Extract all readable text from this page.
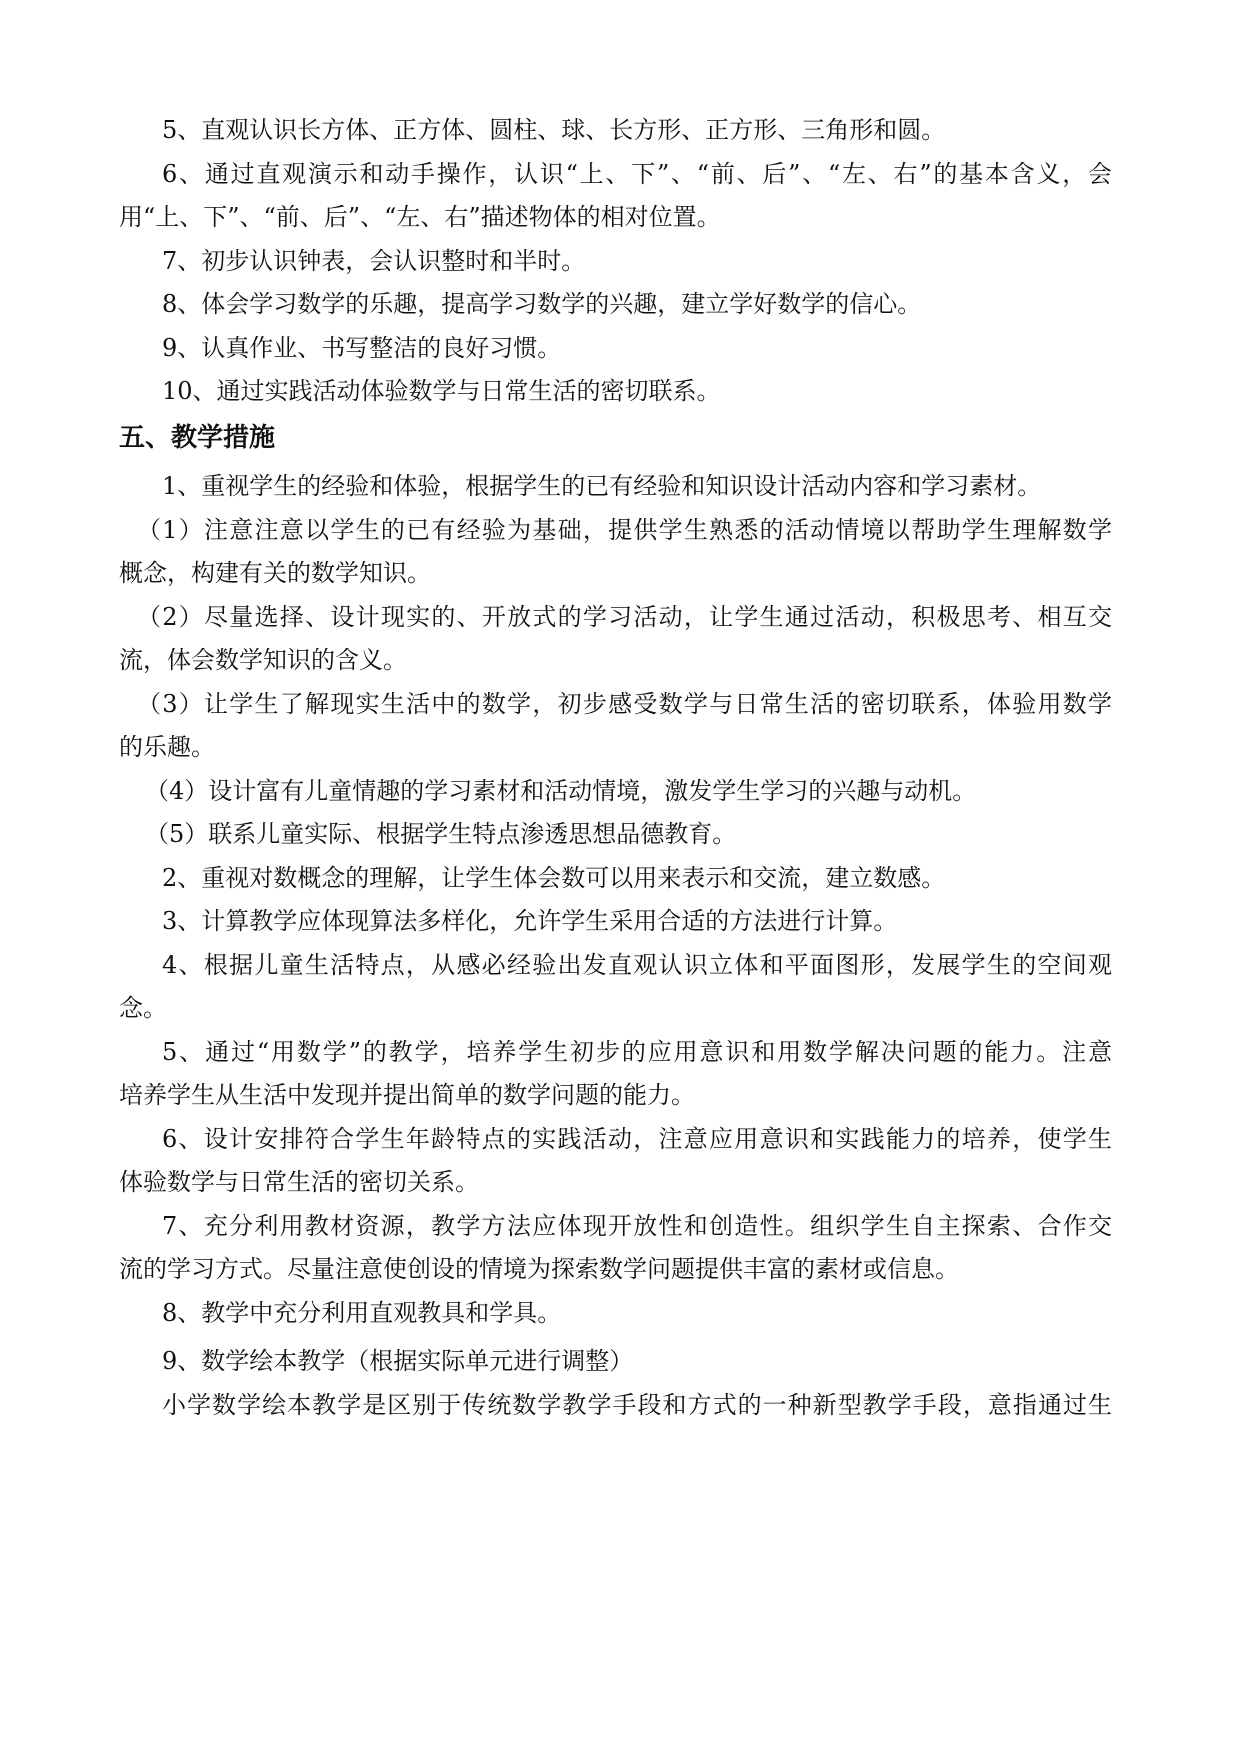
5、直观认识长方体、正方体、圆柱、球、长方形、正方形、三角形和圆。
6、通过直观演示和动手操作，认识“上、下”、“前、后”、“左、右”的基本含义，会
用“上、下”、“前、后”、“左、右”描述物体的相对位置。
7、初步认识钟表，会认识整时和半时。
8、体会学习数学的乐趣，提高学习数学的兴趣，建立学好数学的信心。
9、认真作业、书写整洁的良好习惯。
10、通过实践活动体验数学与日常生活的密切联系。
五、教学措施
1、重视学生的经验和体验，根据学生的已有经验和知识设计活动内容和学习素材。
（1）注意注意以学生的已有经验为基础，提供学生熟悉的活动情境以帮助学生理解数学
概念，构建有关的数学知识。
（2）尽量选择、设计现实的、开放式的学习活动，让学生通过活动，积极思考、相互交
流，体会数学知识的含义。
（3）让学生了解现实生活中的数学，初步感受数学与日常生活的密切联系，体验用数学
的乐趣。
（4）设计富有儿童情趣的学习素材和活动情境，激发学生学习的兴趣与动机。
（5）联系儿童实际、根据学生特点渗透思想品德教育。
2、重视对数概念的理解，让学生体会数可以用来表示和交流，建立数感。
3、计算教学应体现算法多样化，允许学生采用合适的方法进行计算。
4、根据儿童生活特点，从感必经验出发直观认识立体和平面图形，发展学生的空间观
念。
5、通过“用数学”的教学，培养学生初步的应用意识和用数学解决问题的能力。注意
培养学生从生活中发现并提出简单的数学问题的能力。
6、设计安排符合学生年龄特点的实践活动，注意应用意识和实践能力的培养，使学生
体验数学与日常生活的密切关系。
7、充分利用教材资源，教学方法应体现开放性和创造性。组织学生自主探索、合作交
流的学习方式。尽量注意使创设的情境为探索数学问题提供丰富的素材或信息。
8、教学中充分利用直观教具和学具。
9、数学绘本教学（根据实际单元进行调整）
小学数学绘本教学是区别于传统数学教学手段和方式的一种新型教学手段，意指通过生
